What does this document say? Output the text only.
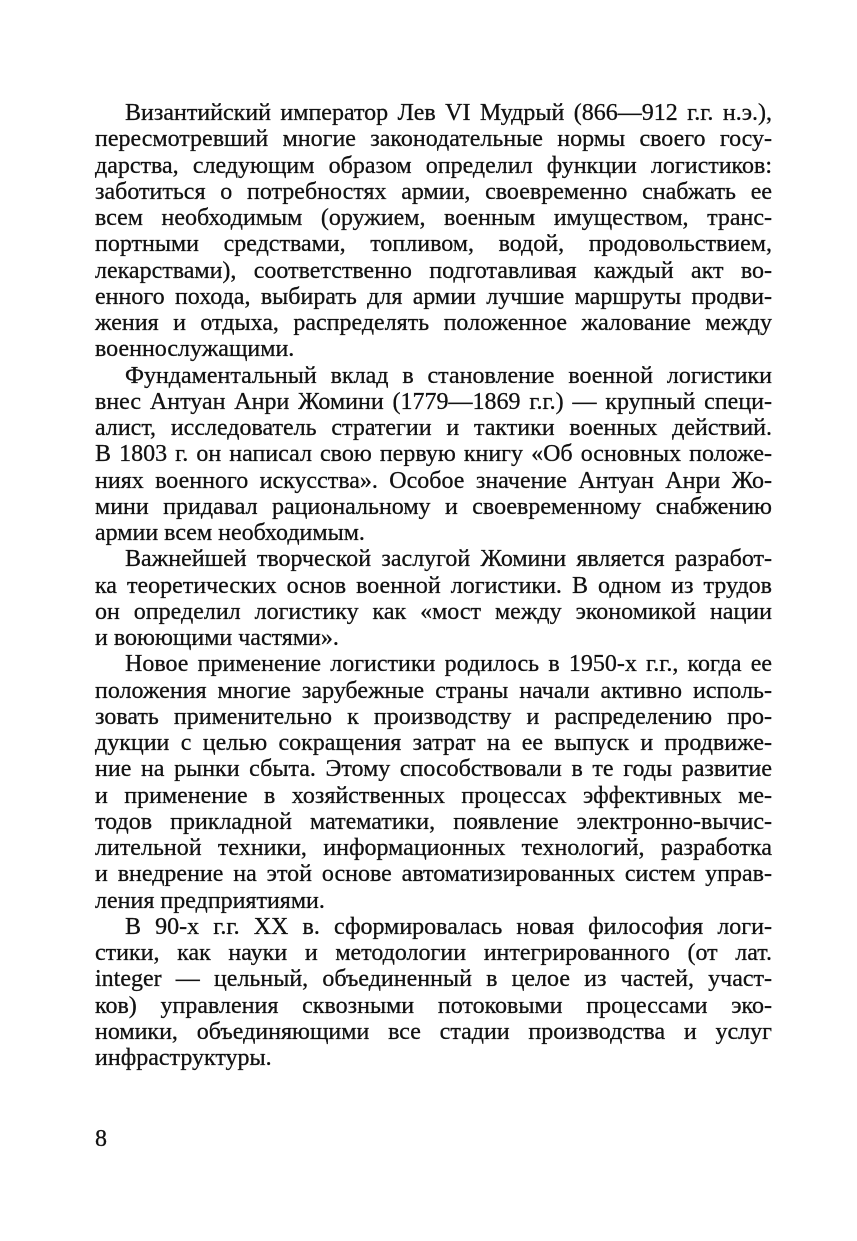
Византийский император Лев VI Мудрый (866—912 г.г. н.э.),
пересмотревший многие законодательные нормы своего госу-
дарства, следующим образом определил функции логистиков:
заботиться о потребностях армии, своевременно снабжать ее
всем необходимым (оружием, военным имуществом, транс-
портными средствами, топливом, водой, продовольствием,
лекарствами), соответственно подготавливая каждый акт во-
енного похода, выбирать для армии лучшие маршруты продви-
жения и отдыха, распределять положенное жалование между
военнослужащими.
Фундаментальный вклад в становление военной логистики
внес Антуан Анри Жомини (1779—1869 г.г.) — крупный специ-
алист, исследователь стратегии и тактики военных действий.
В 1803 г. он написал свою первую книгу «Об основных положе-
ниях военного искусства». Особое значение Антуан Анри Жо-
мини придавал рациональному и своевременному снабжению
армии всем необходимым.
Важнейшей творческой заслугой Жомини является разработ-
ка теоретических основ военной логистики. В одном из трудов
он определил логистику как «мост между экономикой нации
и воюющими частями».
Новое применение логистики родилось в 1950-х г.г., когда ее
положения многие зарубежные страны начали активно исполь-
зовать применительно к производству и распределению про-
дукции с целью сокращения затрат на ее выпуск и продвиже-
ние на рынки сбыта. Этому способствовали в те годы развитие
и применение в хозяйственных процессах эффективных ме-
тодов прикладной математики, появление электронно-вычис-
лительной техники, информационных технологий, разработка
и внедрение на этой основе автоматизированных систем управ-
ления предприятиями.
В 90-х г.г. XX в. сформировалась новая философия логи-
стики, как науки и методологии интегрированного (от лат.
integer — цельный, объединенный в целое из частей, участ-
ков) управления сквозными потоковыми процессами эко-
номики, объединяющими все стадии производства и услуг
инфраструктуры.
8
